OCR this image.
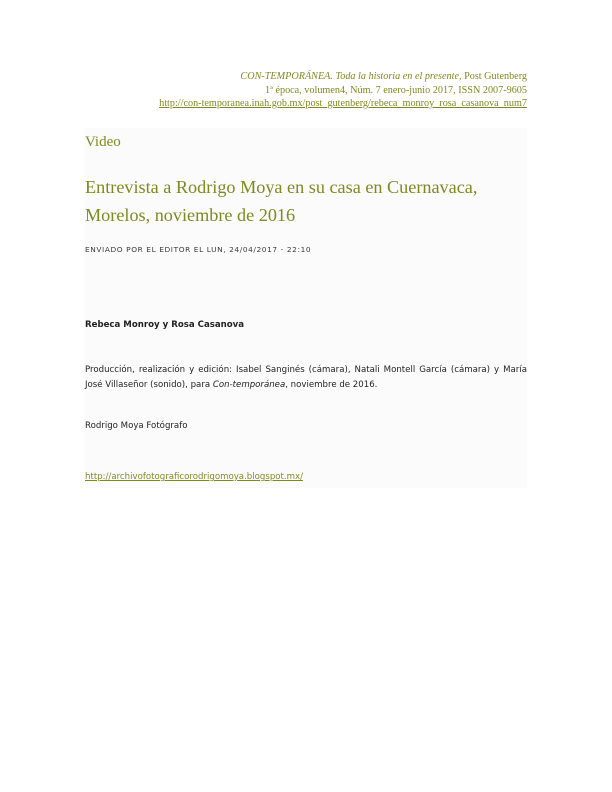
CON-TEMPORÁNEA. Toda la historia en el presente, Post Gutenberg
1ª época, volumen4, Núm. 7 enero-junio 2017, ISSN 2007-9605
http://con-temporanea.inah.gob.mx/post_gutenberg/rebeca_monroy_rosa_casanova_num7
Video
Entrevista a Rodrigo Moya en su casa en Cuernavaca, Morelos, noviembre de 2016
ENVIADO POR EL EDITOR EL LUN, 24/04/2017 - 22:10
Rebeca Monroy y Rosa Casanova
Producción, realización y edición: Isabel Sanginés (cámara), Natali Montell García (cámara) y María José Villaseñor (sonido), para Con-temporánea, noviembre de 2016.
Rodrigo Moya Fotógrafo
http://archivofotograficorodrigomoya.blogspot.mx/
